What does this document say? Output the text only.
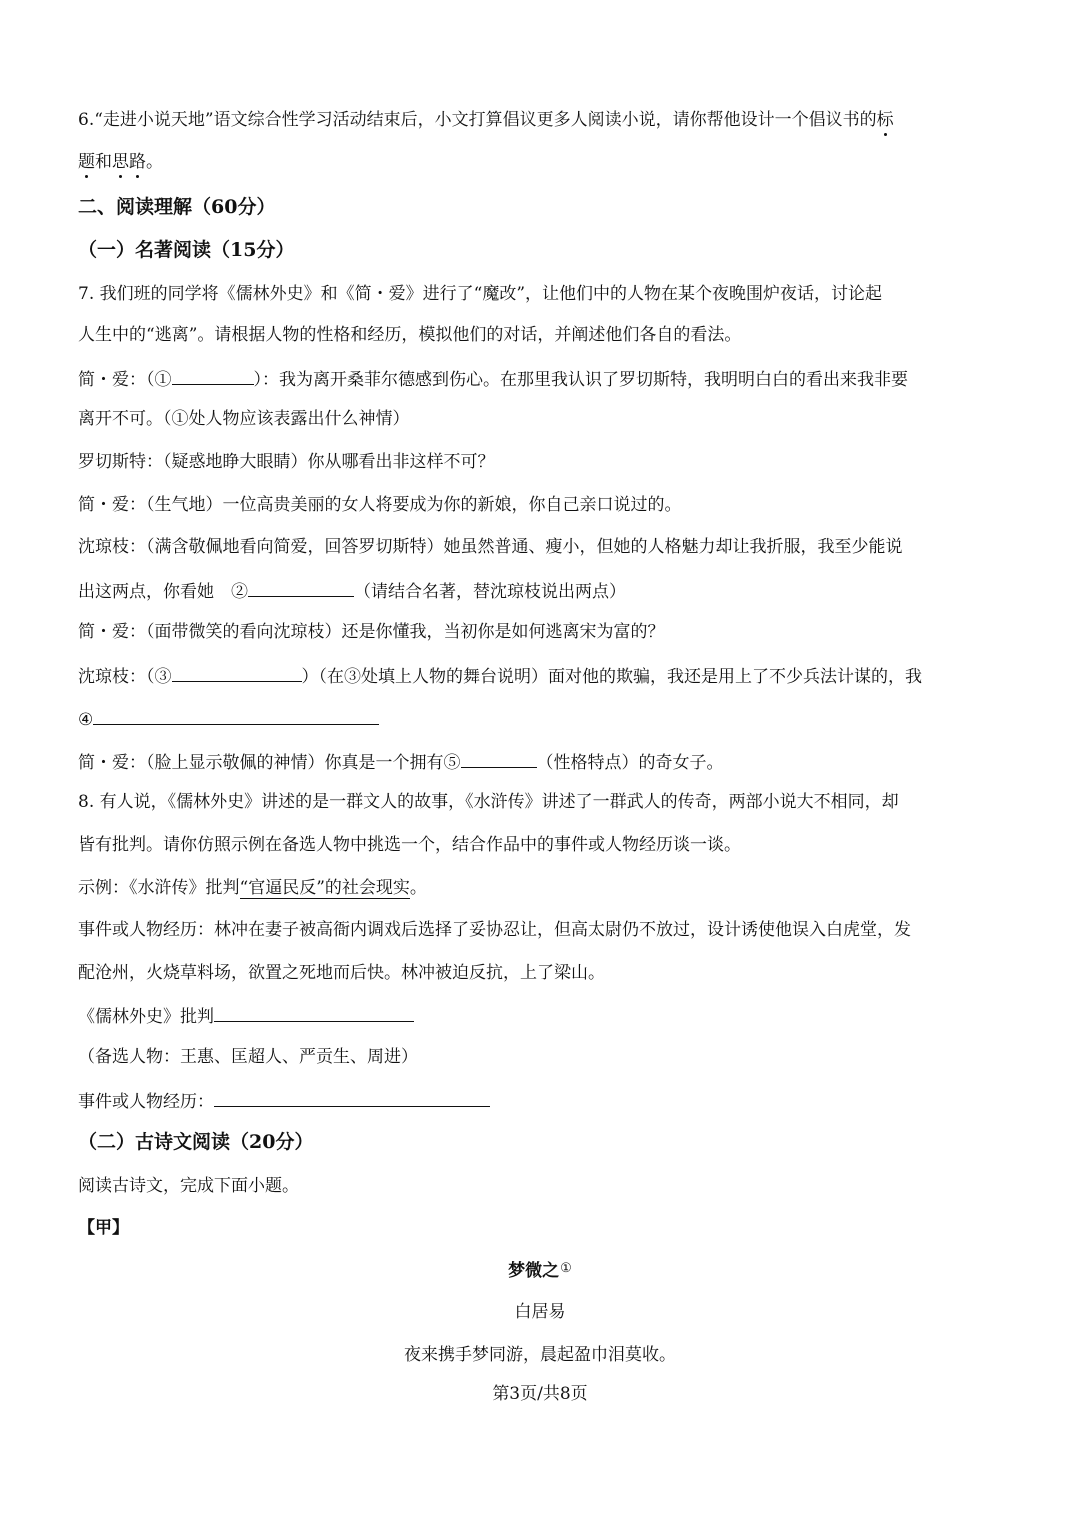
6.“走进小说天地”语文综合性学习活动结束后，小文打算倡议更多人阅读小说，请你帮他设计一个倡议书的标
题和思路。
二、阅读理解（60分）
（一）名著阅读（15分）
7. 我们班的同学将《儒林外史》和《简・爱》进行了“魔改”，让他们中的人物在某个夜晚围炉夜话，讨论起
人生中的“逃离”。请根据人物的性格和经历，模拟他们的对话，并阐述他们各自的看法。
简・爱：（①	）：我为离开桑菲尔德感到伤心。在那里我认识了罗切斯特，我明明白白的看出来我非要
离开不可。（①处人物应该表露出什么神情）
罗切斯特：（疑惑地睁大眼睛）你从哪看出非这样不可？
简・爱：（生气地）一位高贵美丽的女人将要成为你的新娘，你自己亲口说过的。
沈琼枝：（满含敬佩地看向简爱，回答罗切斯特）她虽然普通、瘦小，但她的人格魅力却让我折服，我至少能说
出这两点，你看她　②	（请结合名著，替沈琼枝说出两点）
简・爱：（面带微笑的看向沈琼枝）还是你懂我，当初你是如何逃离宋为富的？
沈琼枝：（③	）（在③处填上人物的舞台说明）面对他的欺骗，我还是用上了不少兵法计谋的，我
④
简・爱：（脸上显示敬佩的神情）你真是一个拥有⑤	（性格特点）的奇女子。
8. 有人说，《儒林外史》讲述的是一群文人的故事，《水浒传》讲述了一群武人的传奇，两部小说大不相同，却
皆有批判。请你仿照示例在备选人物中挑选一个，结合作品中的事件或人物经历谈一谈。
示例：《水浒传》批判“官逼民反”的社会现实。
事件或人物经历：林冲在妻子被高衙内调戏后选择了妥协忍让，但高太尉仍不放过，设计诱使他误入白虎堂，发
配沧州，火烧草料场，欲置之死地而后快。林冲被迫反抗，上了梁山。
《儒林外史》批判
（备选人物：王惠、匡超人、严贡生、周进）
事件或人物经历：
（二）古诗文阅读（20分）
阅读古诗文，完成下面小题。
【甲】
梦微之①
白居易
夜来携手梦同游，晨起盈巾泪莫收。
第3页/共8页
